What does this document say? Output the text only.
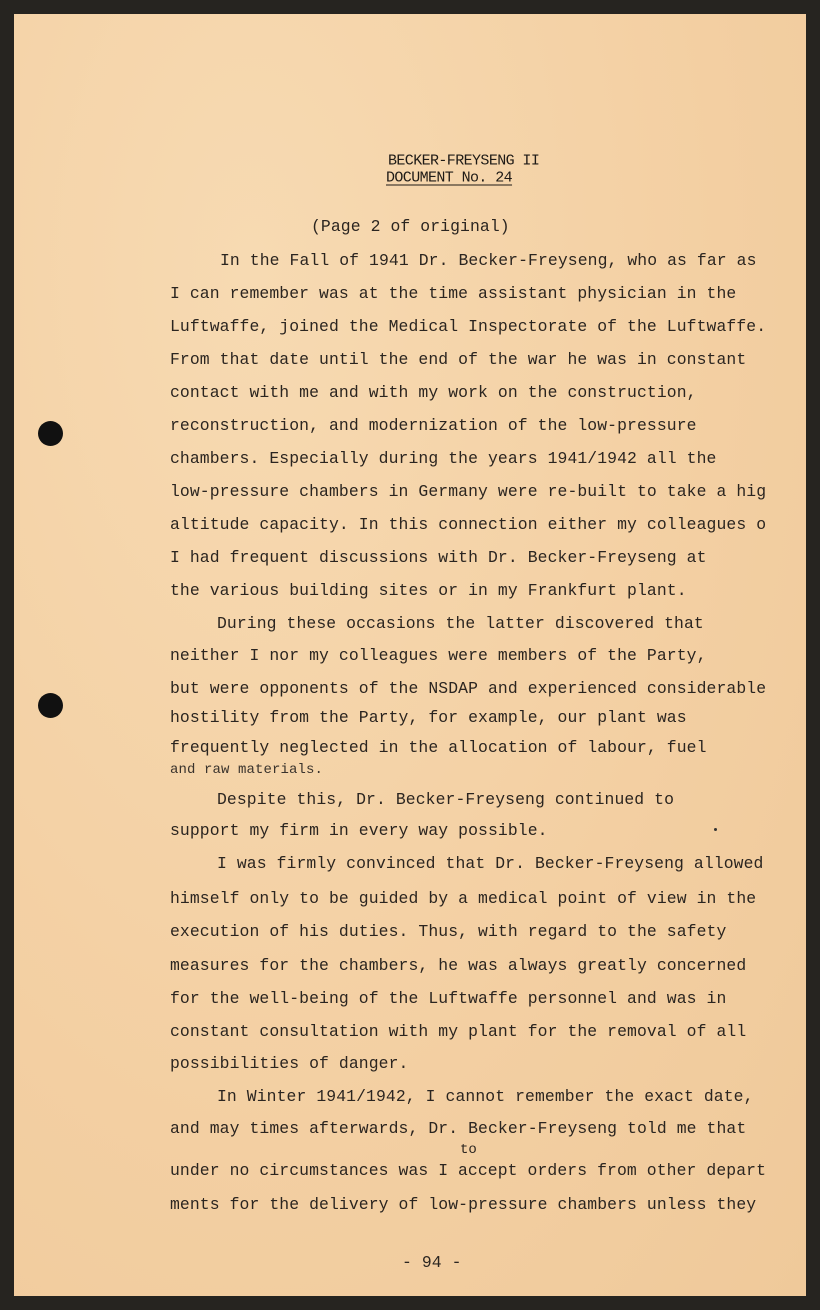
BECKER-FREYSENG II
DOCUMENT No. 24
(Page 2 of original)
In the Fall of 1941 Dr. Becker-Freyseng, who as far as
I can remember was at the time assistant physician in the
Luftwaffe, joined the Medical Inspectorate of the Luftwaffe.
From that date until the end of the war he was in constant
contact with me and with my work on the construction,
reconstruction, and modernization of the low-pressure
chambers. Especially during the years 1941/1942 all the
low-pressure chambers in Germany were re-built to take a hig
altitude capacity. In this connection either my colleagues o
I had frequent discussions with Dr. Becker-Freyseng at
the various building sites or in my Frankfurt plant.
During these occasions the latter discovered that
neither I nor my colleagues were members of the Party,
but were opponents of the NSDAP and experienced considerable
hostility from the Party, for example, our plant was
frequently neglected in the allocation of labour, fuel
and raw materials.
Despite this, Dr. Becker-Freyseng continued to
support my firm in every way possible.
I was firmly convinced that Dr. Becker-Freyseng allowed
himself only to be guided by a medical point of view in the
execution of his duties. Thus, with regard to the safety
measures for the chambers, he was always greatly concerned
for the well-being of the Luftwaffe personnel and was in
constant consultation with my plant for the removal of all
possibilities of danger.
In Winter 1941/1942, I cannot remember the exact date,
and may times afterwards, Dr. Becker-Freyseng told me that
under no circumstances was I
to
accept orders from other depart
ments for the delivery of low-pressure chambers unless they
- 94 -
